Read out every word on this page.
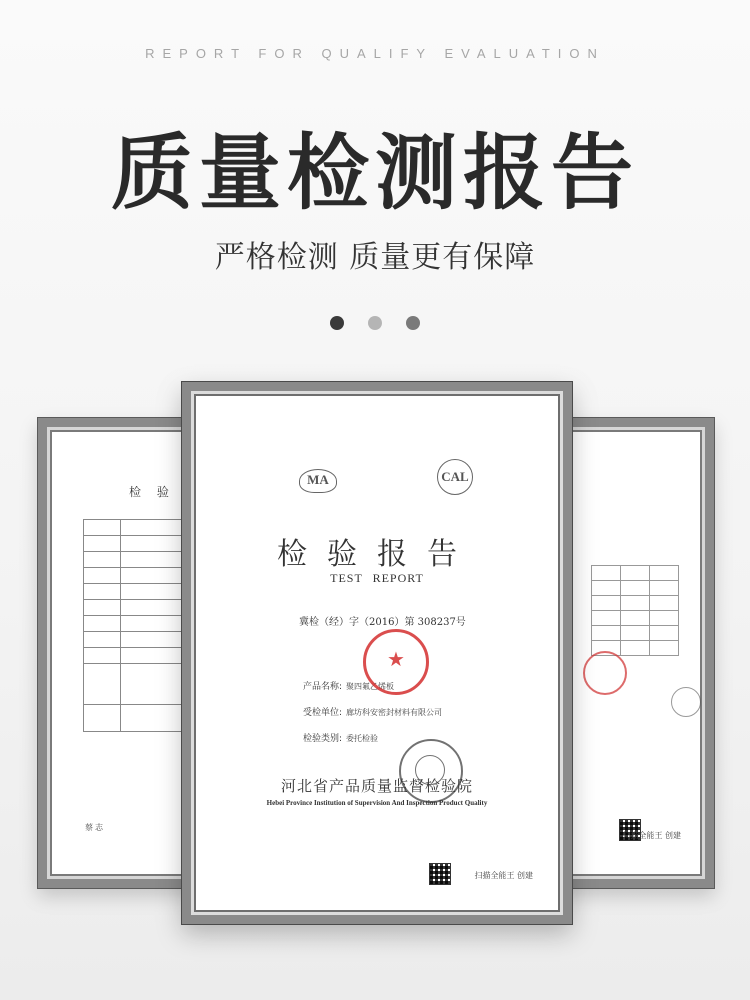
REPORT FOR QUALIFY EVALUATION
质量检测报告
严格检测 质量更有保障
检 验

蔡 志

扫描全能王 创建
MA	CAL
检验报告
TEST REPORT
冀检（经）字（2016）第 308237号
产品名称: 聚四氟乙烯板
受检单位: 廊坊科安密封材料有限公司
检验类别: 委托检验
★
河北省产品质量监督检验院
Hebei Province Institution of Supervision And Inspection Product Quality
扫描全能王 创建
